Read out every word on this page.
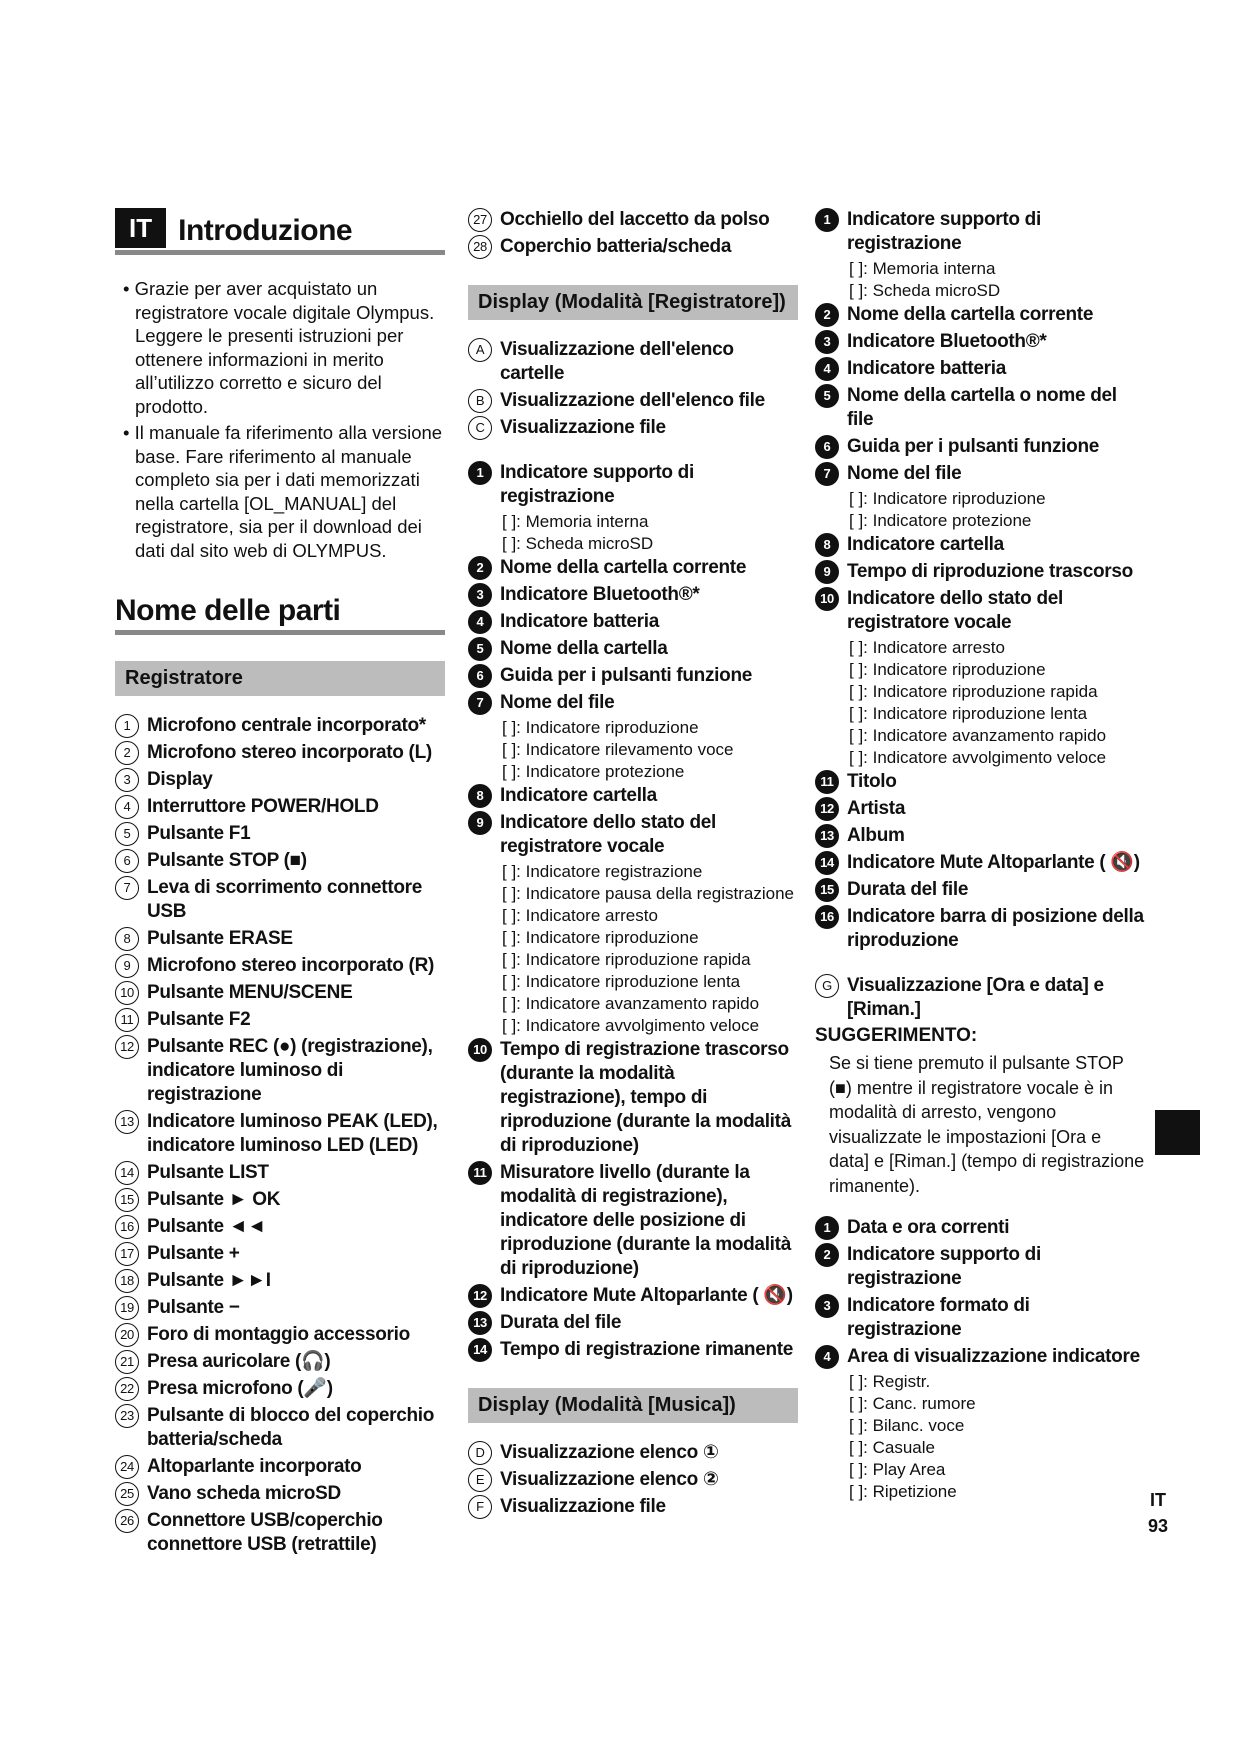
IT Introduzione
• Grazie per aver acquistato un registratore vocale digitale Olympus. Leggere le presenti istruzioni per ottenere informazioni in merito all’utilizzo corretto e sicuro del prodotto.
• Il manuale fa riferimento alla versione base. Fare riferimento al manuale completo sia per i dati memorizzati nella cartella [OL_MANUAL] del registratore, sia per il download dei dati dal sito web di OLYMPUS.
Nome delle parti
Registratore
1 Microfono centrale incorporato*
2 Microfono stereo incorporato (L)
3 Display
4 Interruttore POWER/HOLD
5 Pulsante F1
6 Pulsante STOP (■)
7 Leva di scorrimento connettore USB
8 Pulsante ERASE
9 Microfono stereo incorporato (R)
10 Pulsante MENU/SCENE
11 Pulsante F2
12 Pulsante REC (●) (registrazione), indicatore luminoso di registrazione
13 Indicatore luminoso PEAK (LED), indicatore luminoso LED (LED)
14 Pulsante LIST
15 Pulsante ► OK
16 Pulsante ◄◄
17 Pulsante +
18 Pulsante ►►I
19 Pulsante −
20 Foro di montaggio accessorio
21 Presa auricolare (🎧)
22 Presa microfono (🎤)
23 Pulsante di blocco del coperchio batteria/scheda
24 Altoparlante incorporato
25 Vano scheda microSD
26 Connettore USB/coperchio connettore USB (retrattile)
27 Occhiello del laccetto da polso
28 Coperchio batteria/scheda
Display (Modalità [Registratore])
A Visualizzazione dell'elenco cartelle
B Visualizzazione dell'elenco file
C Visualizzazione file
1 Indicatore supporto di registrazione
[ ]: Memoria interna
[ ]: Scheda microSD
2 Nome della cartella corrente
3 Indicatore Bluetooth®*
4 Indicatore batteria
5 Nome della cartella
6 Guida per i pulsanti funzione
7 Nome del file
[ ]: Indicatore riproduzione
[ ]: Indicatore rilevamento voce
[ ]: Indicatore protezione
8 Indicatore cartella
9 Indicatore dello stato del registratore vocale
[ ]: Indicatore registrazione
[ ]: Indicatore pausa della registrazione
[ ]: Indicatore arresto
[ ]: Indicatore riproduzione
[ ]: Indicatore riproduzione rapida
[ ]: Indicatore riproduzione lenta
[ ]: Indicatore avanzamento rapido
[ ]: Indicatore avvolgimento veloce
10 Tempo di registrazione trascorso (durante la modalità registrazione), tempo di riproduzione (durante la modalità di riproduzione)
11 Misuratore livello (durante la modalità di registrazione), indicatore delle posizione di riproduzione (durante la modalità di riproduzione)
12 Indicatore Mute Altoparlante ( 🔇)
13 Durata del file
14 Tempo di registrazione rimanente
Display (Modalità [Musica])
D Visualizzazione elenco ①
E Visualizzazione elenco ②
F Visualizzazione file
1 Indicatore supporto di registrazione
[ ]: Memoria interna
[ ]: Scheda microSD
2 Nome della cartella corrente
3 Indicatore Bluetooth®*
4 Indicatore batteria
5 Nome della cartella o nome del file
6 Guida per i pulsanti funzione
7 Nome del file
[ ]: Indicatore riproduzione
[ ]: Indicatore protezione
8 Indicatore cartella
9 Tempo di riproduzione trascorso
10 Indicatore dello stato del registratore vocale
[ ]: Indicatore arresto
[ ]: Indicatore riproduzione
[ ]: Indicatore riproduzione rapida
[ ]: Indicatore riproduzione lenta
[ ]: Indicatore avanzamento rapido
[ ]: Indicatore avvolgimento veloce
11 Titolo
12 Artista
13 Album
14 Indicatore Mute Altoparlante ( 🔇)
15 Durata del file
16 Indicatore barra di posizione della riproduzione
G Visualizzazione [Ora e data] e [Riman.]
SUGGERIMENTO:
Se si tiene premuto il pulsante STOP (■) mentre il registratore vocale è in modalità di arresto, vengono visualizzate le impostazioni [Ora e data] e [Riman.] (tempo di registrazione rimanente).
1 Data e ora correnti
2 Indicatore supporto di registrazione
3 Indicatore formato di registrazione
4 Area di visualizzazione indicatore
[ ]: Registr.
[ ]: Canc. rumore
[ ]: Bilanc. voce
[ ]: Casuale
[ ]: Play Area
[ ]: Ripetizione	IT
93
